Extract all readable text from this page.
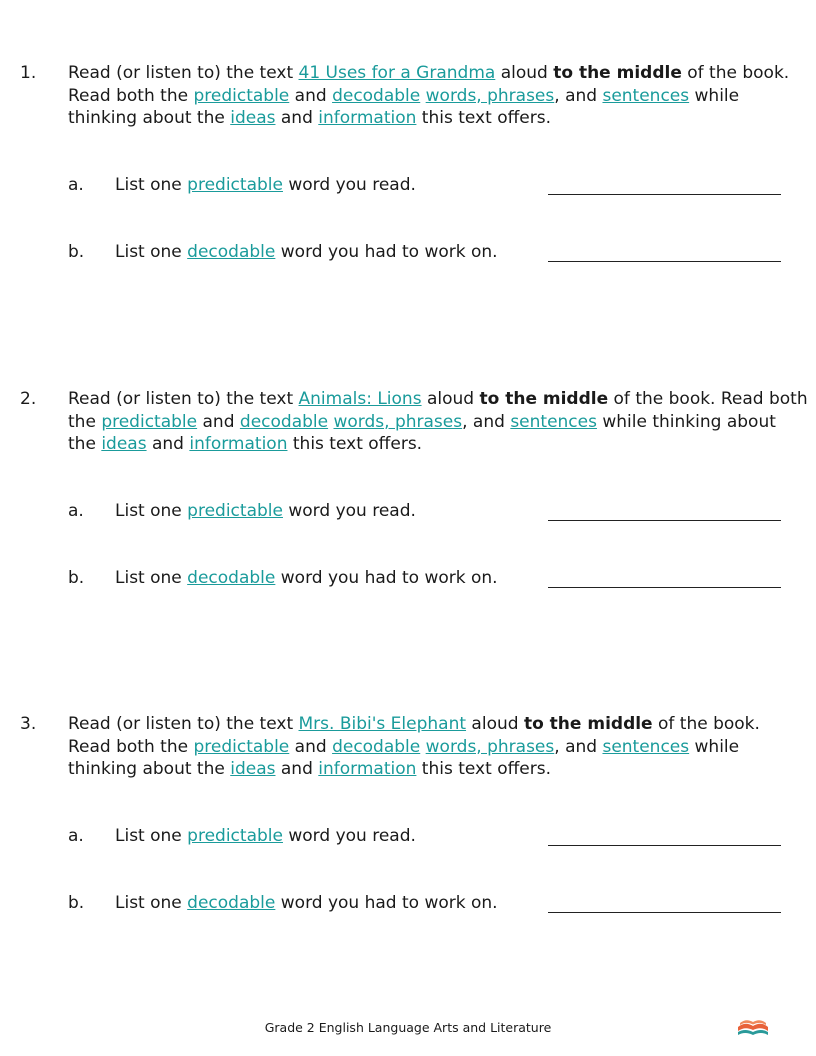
1. Read (or listen to) the text 41 Uses for a Grandma aloud to the middle of the book. Read both the predictable and decodable words, phrases, and sentences while thinking about the ideas and information this text offers.
a. List one predictable word you read.
b. List one decodable word you had to work on.
2. Read (or listen to) the text Animals: Lions aloud to the middle of the book. Read both the predictable and decodable words, phrases, and sentences while thinking about the ideas and information this text offers.
a. List one predictable word you read.
b. List one decodable word you had to work on.
3. Read (or listen to) the text Mrs. Bibi's Elephant aloud to the middle of the book. Read both the predictable and decodable words, phrases, and sentences while thinking about the ideas and information this text offers.
a. List one predictable word you read.
b. List one decodable word you had to work on.
Grade 2 English Language Arts and Literature
